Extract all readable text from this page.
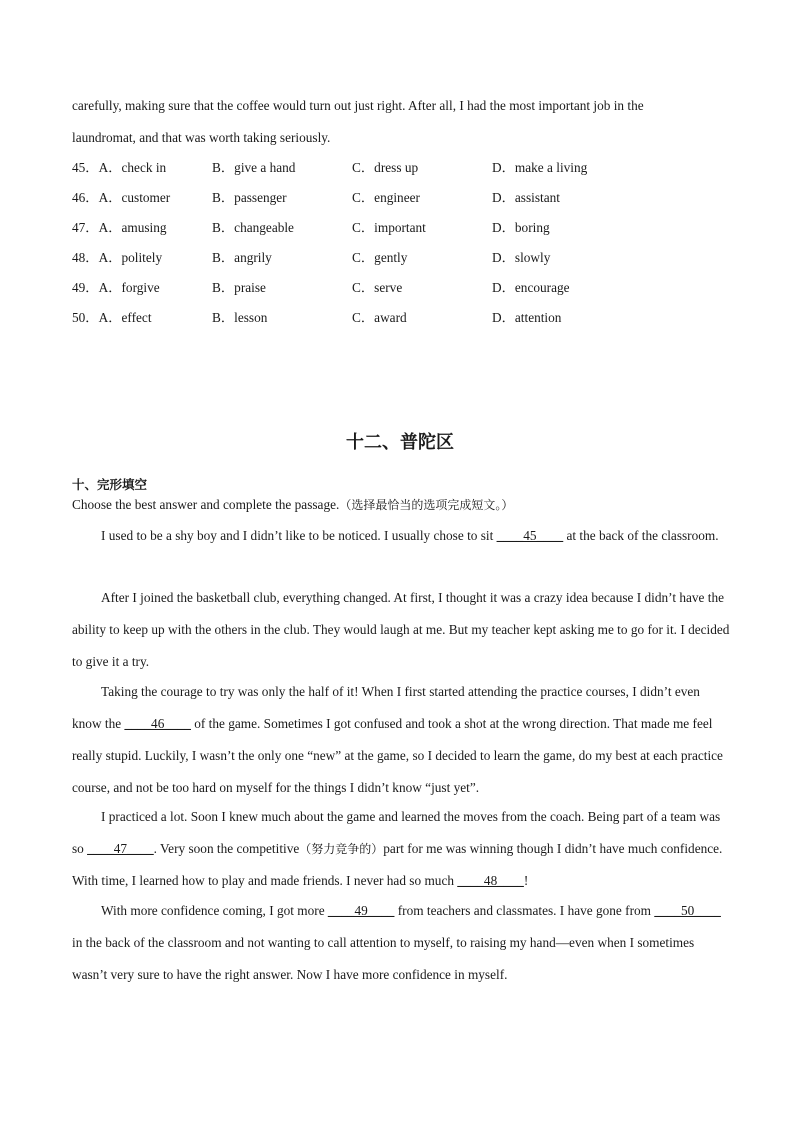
carefully, making sure that the coffee would turn out just right. After all, I had the most important job in the

laundromat, and that was worth taking seriously.

45．A．check in	B．give a hand	C．dress up	D．make a living
46．A．customer	B．passenger	C．engineer	D．assistant
47．A．amusing	B．changeable	C．important	D．boring
48．A．politely	B．angrily	C．gently	D．slowly
49．A．forgive	B．praise	C．serve	D．encourage
50．A．effect	B．lesson	C．award	D．attention
十二、普陀区
十、完形填空
Choose the best answer and complete the passage.（选择最恰当的选项完成短文。）

I used to be a shy boy and I didn’t like to be noticed. I usually chose to sit ____45____ at the back of the classroom.

After I joined the basketball club, everything changed. At first, I thought it was a crazy idea because I didn’t have the ability to keep up with the others in the club. They would laugh at me. But my teacher kept asking me to go for it. I decided to give it a try.

Taking the courage to try was only the half of it! When I first started attending the practice courses, I didn’t even know the ____46____ of the game. Sometimes I got confused and took a shot at the wrong direction. That made me feel really stupid. Luckily, I wasn’t the only one “new” at the game, so I decided to learn the game, do my best at each practice course, and not be too hard on myself for the things I didn’t know “just yet”.

I practiced a lot. Soon I knew much about the game and learned the moves from the coach. Being part of a team was so ____47____. Very soon the competitive（努力竞争的）part for me was winning though I didn’t have much confidence. With time, I learned how to play and made friends. I never had so much ____48____!

With more confidence coming, I got more ____49____ from teachers and classmates. I have gone from ____50____ in the back of the classroom and not wanting to call attention to myself, to raising my hand—even when I sometimes wasn’t very sure to have the right answer. Now I have more confidence in myself.
